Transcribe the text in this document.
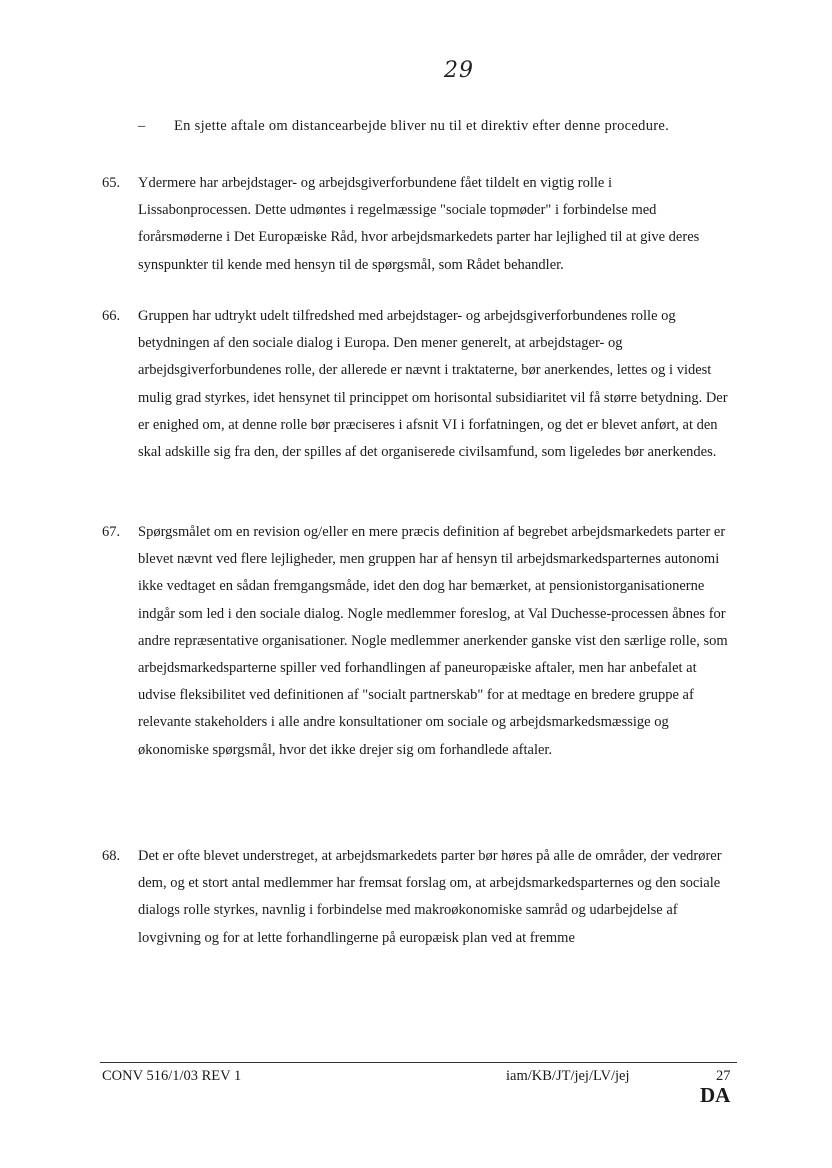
29
– En sjette aftale om distancearbejde bliver nu til et direktiv efter denne procedure.
65. Ydermere har arbejdstager- og arbejdsgiverforbundene fået tildelt en vigtig rolle i Lissabonprocessen. Dette udmøntes i regelmæssige "sociale topmøder" i forbindelse med forårsmøderne i Det Europæiske Råd, hvor arbejdsmarkedets parter har lejlighed til at give deres synspunkter til kende med hensyn til de spørgsmål, som Rådet behandler.
66. Gruppen har udtrykt udelt tilfredshed med arbejdstager- og arbejdsgiverforbundenes rolle og betydningen af den sociale dialog i Europa. Den mener generelt, at arbejdstager- og arbejdsgiverforbundenes rolle, der allerede er nævnt i traktaterne, bør anerkendes, lettes og i videst mulig grad styrkes, idet hensynet til princippet om horisontal subsidiaritet vil få større betydning. Der er enighed om, at denne rolle bør præciseres i afsnit VI i forfatningen, og det er blevet anført, at den skal adskille sig fra den, der spilles af det organiserede civilsamfund, som ligeledes bør anerkendes.
67. Spørgsmålet om en revision og/eller en mere præcis definition af begrebet arbejdsmarkedets parter er blevet nævnt ved flere lejligheder, men gruppen har af hensyn til arbejdsmarkedsparternes autonomi ikke vedtaget en sådan fremgangsmåde, idet den dog har bemærket, at pensionistorganisationerne indgår som led i den sociale dialog. Nogle medlemmer foreslog, at Val Duchesse-processen åbnes for andre repræsentative organisationer. Nogle medlemmer anerkender ganske vist den særlige rolle, som arbejdsmarkedsparterne spiller ved forhandlingen af paneuropæiske aftaler, men har anbefalet at udvise fleksibilitet ved definitionen af "socialt partnerskab" for at medtage en bredere gruppe af relevante stakeholders i alle andre konsultationer om sociale og arbejdsmarkedsmæssige og økonomiske spørgsmål, hvor det ikke drejer sig om forhandlede aftaler.
68. Det er ofte blevet understreget, at arbejdsmarkedets parter bør høres på alle de områder, der vedrører dem, og et stort antal medlemmer har fremsat forslag om, at arbejdsmarkedsparternes og den sociale dialogs rolle styrkes, navnlig i forbindelse med makroøkonomiske samråd og udarbejdelse af lovgivning og for at lette forhandlingerne på europæisk plan ved at fremme
CONV 516/1/03 REV 1	iam/KB/JT/jej/LV/jej	27
DA
